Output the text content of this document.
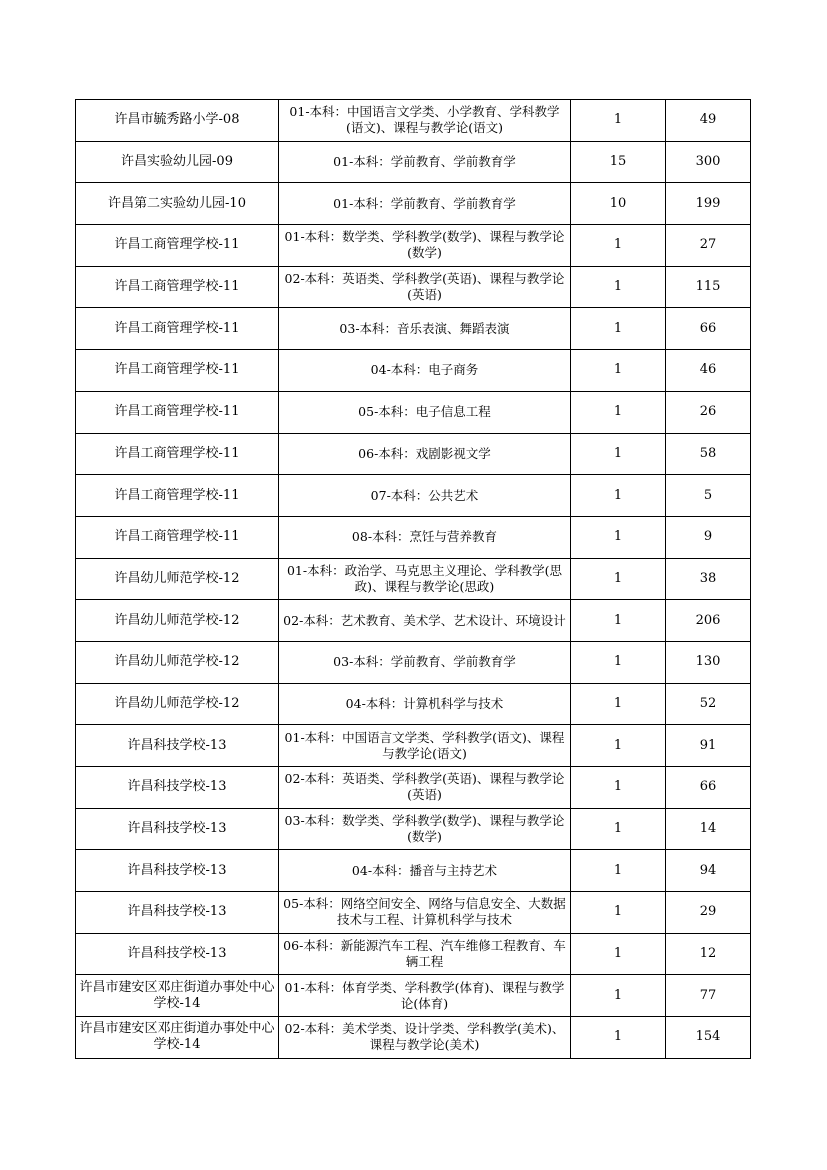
许昌市毓秀路小学-08	01-本科：中国语言文学类、小学教育、学科教学(语文)、课程与教学论(语文)	1	49
许昌实验幼儿园-09	01-本科：学前教育、学前教育学	15	300
许昌第二实验幼儿园-10	01-本科：学前教育、学前教育学	10	199
许昌工商管理学校-11	01-本科：数学类、学科教学(数学)、课程与教学论(数学)	1	27
许昌工商管理学校-11	02-本科：英语类、学科教学(英语)、课程与教学论(英语)	1	115
许昌工商管理学校-11	03-本科：音乐表演、舞蹈表演	1	66
许昌工商管理学校-11	04-本科：电子商务	1	46
许昌工商管理学校-11	05-本科：电子信息工程	1	26
许昌工商管理学校-11	06-本科：戏剧影视文学	1	58
许昌工商管理学校-11	07-本科：公共艺术	1	5
许昌工商管理学校-11	08-本科：烹饪与营养教育	1	9
许昌幼儿师范学校-12	01-本科：政治学、马克思主义理论、学科教学(思政)、课程与教学论(思政)	1	38
许昌幼儿师范学校-12	02-本科：艺术教育、美术学、艺术设计、环境设计	1	206
许昌幼儿师范学校-12	03-本科：学前教育、学前教育学	1	130
许昌幼儿师范学校-12	04-本科：计算机科学与技术	1	52
许昌科技学校-13	01-本科：中国语言文学类、学科教学(语文)、课程与教学论(语文)	1	91
许昌科技学校-13	02-本科：英语类、学科教学(英语)、课程与教学论(英语)	1	66
许昌科技学校-13	03-本科：数学类、学科教学(数学)、课程与教学论(数学)	1	14
许昌科技学校-13	04-本科：播音与主持艺术	1	94
许昌科技学校-13	05-本科：网络空间安全、网络与信息安全、大数据技术与工程、计算机科学与技术	1	29
许昌科技学校-13	06-本科：新能源汽车工程、汽车维修工程教育、车辆工程	1	12
许昌市建安区邓庄街道办事处中心学校-14	01-本科：体育学类、学科教学(体育)、课程与教学论(体育)	1	77
许昌市建安区邓庄街道办事处中心学校-14	02-本科：美术学类、设计学类、学科教学(美术)、课程与教学论(美术)	1	154
